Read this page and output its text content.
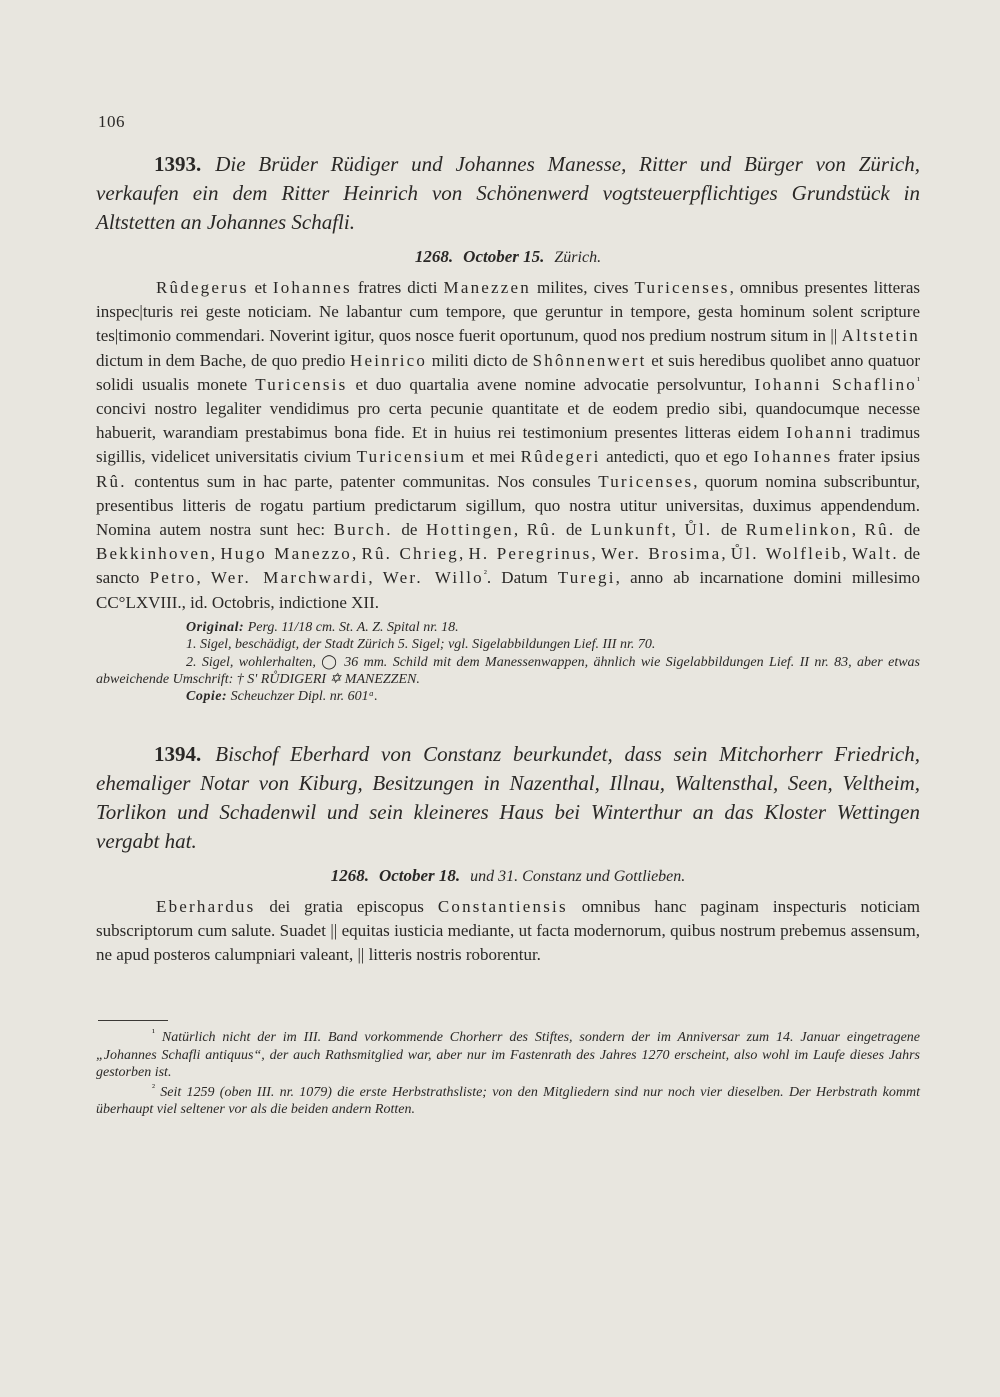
106

1393. Die Brüder Rüdiger und Johannes Manesse, Ritter und Bürger von Zürich, verkaufen ein dem Ritter Heinrich von Schönenwerd vogtsteuerpflichtiges Grundstück in Altstetten an Johannes Schafli.

1268. October 15. Zürich.

Rûdegerus et Iohannes fratres dicti Manezzen milites, cives Turicenses, omnibus presentes litteras inspec|turis rei geste noticiam. Ne labantur cum tempore, que geruntur in tempore, gesta hominum solent scripture tes|timonio commendari. Noverint igitur, quos nosce fuerit oportunum, quod nos predium nostrum situm in || Altstetin dictum in dem Bache, de quo predio Heinrico militi dicto de Shônnenwert et suis heredibus quolibet anno quatuor solidi usualis monete Turicensis et duo quartalia avene nomine advocatie persolvuntur, Iohanni Schaflino$^{^1}$ concivi nostro legaliter vendidimus pro certa pecunie quantitate et de eodem predio sibi, quandocumque necesse habuerit, warandiam prestabimus bona fide. Et in huius rei testimonium presentes litteras eidem Iohanni tradimus sigillis, videlicet universitatis civium Turicensium et mei Rûdegeri antedicti, quo et ego Iohannes frater ipsius Rû. contentus sum in hac parte, patenter communitas. Nos consules Turicenses, quorum nomina subscribuntur, presentibus litteris de rogatu partium predictarum sigillum, quo nostra utitur universitas, duximus appendendum. Nomina autem nostra sunt hec: Burch. de Hottingen, Rû. de Lunkunft, Ůl. de Rumelinkon, Rû. de Bekkinhoven, Hugo Manezzo, Rû. Chrieg, H. Peregrinus, Wer. Brosima, Ůl. Wolfleib, Walt. de sancto Petro, Wer. Marchwardi, Wer. Willo$^{^2}$. Datum Turegi, anno ab incarnatione domini millesimo CC°LXVIII., id. Octobris, indictione XII.

Original: Perg. 11/18 cm. St. A. Z. Spital nr. 18.
1. Sigel, beschädigt, der Stadt Zürich 5. Sigel; vgl. Sigelabbildungen Lief. III nr. 70.
2. Sigel, wohlerhalten, ◯ 36 mm. Schild mit dem Manessenwappen, ähnlich wie Sigelabbildungen Lief. II nr. 83, aber etwas abweichende Umschrift: † S' RŮDIGERI ✡ MANEZZEN.
Copie: Scheuchzer Dipl. nr. 601ᵃ.

1394. Bischof Eberhard von Constanz beurkundet, dass sein Mitchorherr Friedrich, ehemaliger Notar von Kiburg, Besitzungen in Nazenthal, Illnau, Waltensthal, Seen, Veltheim, Torlikon und Schadenwil und sein kleineres Haus bei Winterthur an das Kloster Wettingen vergabt hat.

1268. October 18. und 31. Constanz und Gottlieben.

Eberhardus dei gratia episcopus Constantiensis omnibus hanc paginam inspecturis noticiam subscriptorum cum salute. Suadet || equitas iusticia mediante, ut facta modernorum, quibus nostrum prebemus assensum, ne apud posteros calumpniari valeant, || litteris nostris roborentur.

$^{^1}$ Natürlich nicht der im III. Band vorkommende Chorherr des Stiftes, sondern der im Anniversar zum 14. Januar eingetragene „Johannes Schafli antiquus“, der auch Rathsmitglied war, aber nur im Fastenrath des Jahres 1270 erscheint, also wohl im Laufe dieses Jahrs gestorben ist.

$^{^2}$ Seit 1259 (oben III. nr. 1079) die erste Herbstrathsliste; von den Mitgliedern sind nur noch vier dieselben. Der Herbstrath kommt überhaupt viel seltener vor als die beiden andern Rotten.
